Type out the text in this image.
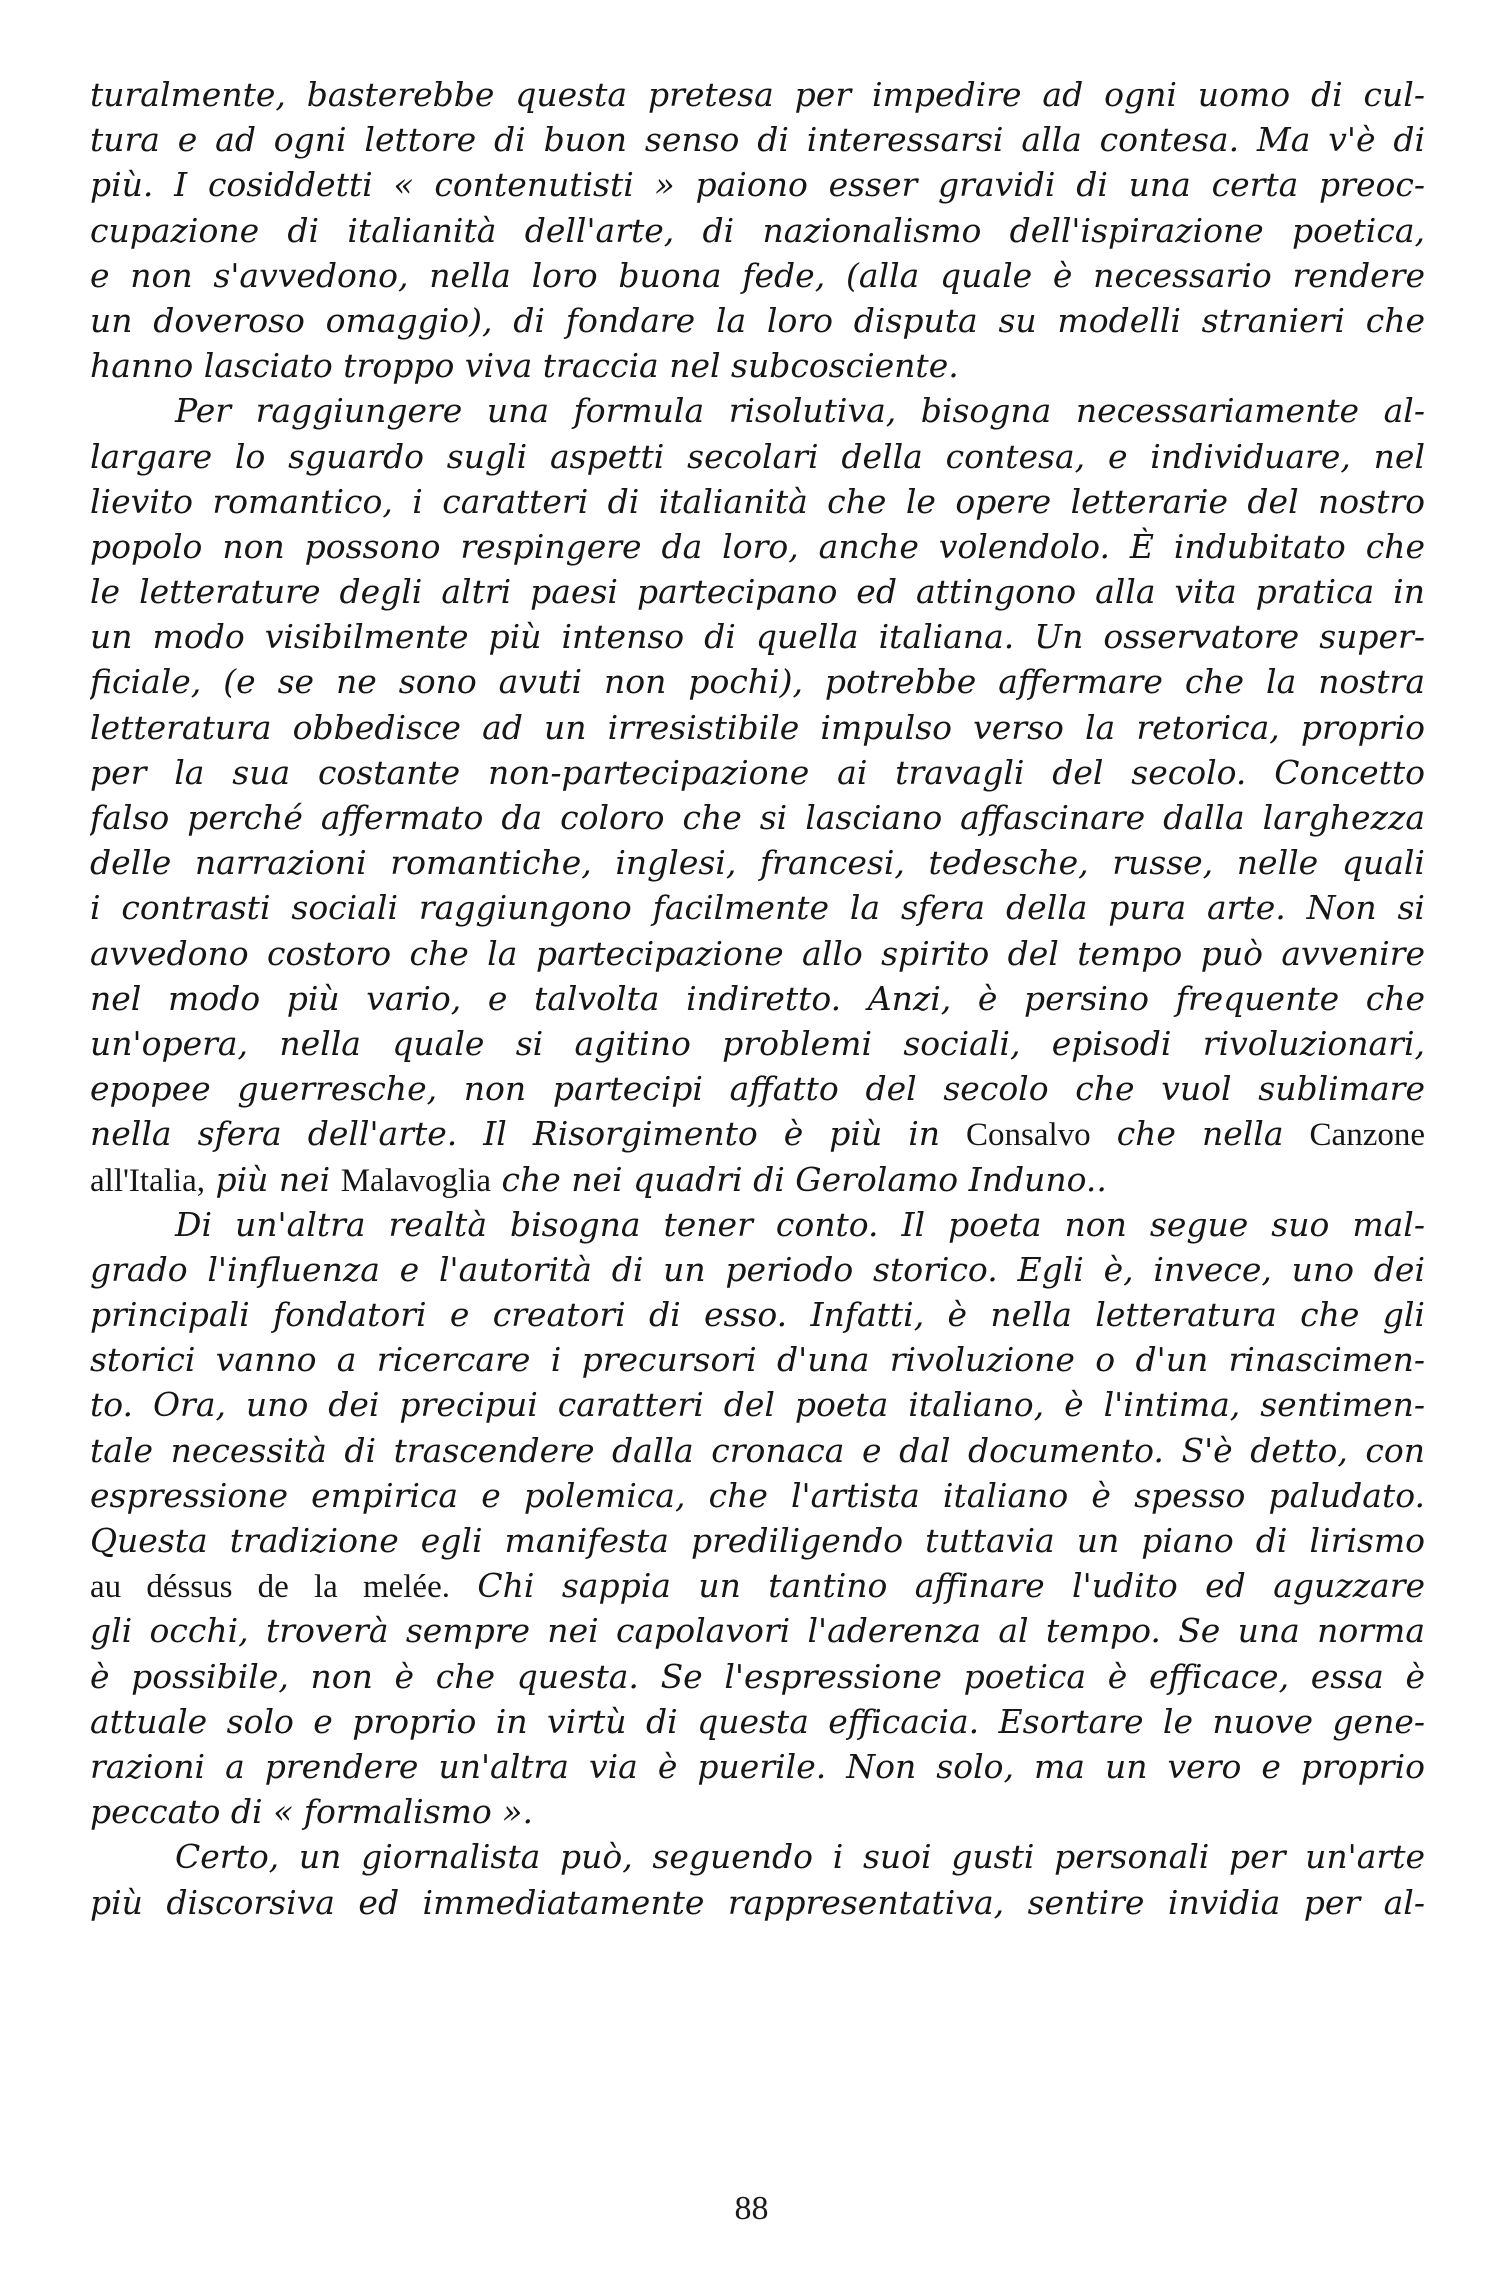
turalmente, basterebbe questa pretesa per impedire ad ogni uomo di cul-
tura e ad ogni lettore di buon senso di interessarsi alla contesa. Ma v'è di
più. I cosiddetti « contenutisti » paiono esser gravidi di una certa preoc-
cupazione di italianità dell'arte, di nazionalismo dell'ispirazione poetica,
e non s'avvedono, nella loro buona fede, (alla quale è necessario rendere
un doveroso omaggio), di fondare la loro disputa su modelli stranieri che
hanno lasciato troppo viva traccia nel subcosciente.
Per raggiungere una formula risolutiva, bisogna necessariamente al-
largare lo sguardo sugli aspetti secolari della contesa, e individuare, nel
lievito romantico, i caratteri di italianità che le opere letterarie del nostro
popolo non possono respingere da loro, anche volendolo. È indubitato che
le letterature degli altri paesi partecipano ed attingono alla vita pratica in
un modo visibilmente più intenso di quella italiana. Un osservatore super-
ficiale, (e se ne sono avuti non pochi), potrebbe affermare che la nostra
letteratura obbedisce ad un irresistibile impulso verso la retorica, proprio
per la sua costante non-partecipazione ai travagli del secolo. Concetto
falso perché affermato da coloro che si lasciano affascinare dalla larghezza
delle narrazioni romantiche, inglesi, francesi, tedesche, russe, nelle quali
i contrasti sociali raggiungono facilmente la sfera della pura arte. Non si
avvedono costoro che la partecipazione allo spirito del tempo può avvenire
nel modo più vario, e talvolta indiretto. Anzi, è persino frequente che
un'opera, nella quale si agitino problemi sociali, episodi rivoluzionari,
epopee guerresche, non partecipi affatto del secolo che vuol sublimare
nella sfera dell'arte. Il Risorgimento è più in Consalvo che nella Canzone
all'Italia, più nei Malavoglia che nei quadri di Gerolamo Induno..
Di un'altra realtà bisogna tener conto. Il poeta non segue suo mal-
grado l'influenza e l'autorità di un periodo storico. Egli è, invece, uno dei
principali fondatori e creatori di esso. Infatti, è nella letteratura che gli
storici vanno a ricercare i precursori d'una rivoluzione o d'un rinascimen-
to. Ora, uno dei precipui caratteri del poeta italiano, è l'intima, sentimen-
tale necessità di trascendere dalla cronaca e dal documento. S'è detto, con
espressione empirica e polemica, che l'artista italiano è spesso paludato.
Questa tradizione egli manifesta prediligendo tuttavia un piano di lirismo
au déssus de la melée. Chi sappia un tantino affinare l'udito ed aguzzare
gli occhi, troverà sempre nei capolavori l'aderenza al tempo. Se una norma
è possibile, non è che questa. Se l'espressione poetica è efficace, essa è
attuale solo e proprio in virtù di questa efficacia. Esortare le nuove gene-
razioni a prendere un'altra via è puerile. Non solo, ma un vero e proprio
peccato di « formalismo ».
Certo, un giornalista può, seguendo i suoi gusti personali per un'arte
più discorsiva ed immediatamente rappresentativa, sentire invidia per al-
88
